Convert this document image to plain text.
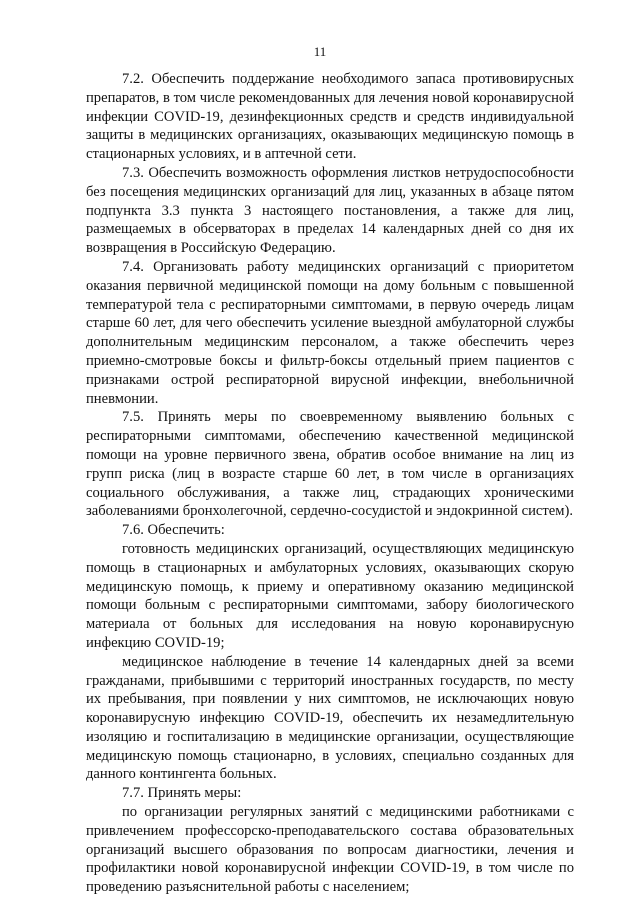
11

7.2. Обеспечить поддержание необходимого запаса противовирусных препаратов, в том числе рекомендованных для лечения новой коронавирусной инфекции COVID-19, дезинфекционных средств и средств индивидуальной защиты в медицинских организациях, оказывающих медицинскую помощь в стационарных условиях, и в аптечной сети.

7.3. Обеспечить возможность оформления листков нетрудоспособности без посещения медицинских организаций для лиц, указанных в абзаце пятом подпункта 3.3 пункта 3 настоящего постановления, а также для лиц, размещаемых в обсерваторах в пределах 14 календарных дней со дня их возвращения в Российскую Федерацию.

7.4. Организовать работу медицинских организаций с приоритетом оказания первичной медицинской помощи на дому больным с повышенной температурой тела с респираторными симптомами, в первую очередь лицам старше 60 лет, для чего обеспечить усиление выездной амбулаторной службы дополнительным медицинским персоналом, а также обеспечить через приемно-смотровые боксы и фильтр-боксы отдельный прием пациентов с признаками острой респираторной вирусной инфекции, внебольничной пневмонии.

7.5. Принять меры по своевременному выявлению больных с респираторными симптомами, обеспечению качественной медицинской помощи на уровне первичного звена, обратив особое внимание на лиц из групп риска (лиц в возрасте старше 60 лет, в том числе в организациях социального обслуживания, а также лиц, страдающих хроническими заболеваниями бронхолегочной, сердечно-сосудистой и эндокринной систем).

7.6. Обеспечить:

готовность медицинских организаций, осуществляющих медицинскую помощь в стационарных и амбулаторных условиях, оказывающих скорую медицинскую помощь, к приему и оперативному оказанию медицинской помощи больным с респираторными симптомами, забору биологического материала от больных для исследования на новую коронавирусную инфекцию COVID-19;

медицинское наблюдение в течение 14 календарных дней за всеми гражданами, прибывшими с территорий иностранных государств, по месту их пребывания, при появлении у них симптомов, не исключающих новую коронавирусную инфекцию COVID-19, обеспечить их незамедлительную изоляцию и госпитализацию в медицинские организации, осуществляющие медицинскую помощь стационарно, в условиях, специально созданных для данного контингента больных.

7.7. Принять меры:

по организации регулярных занятий с медицинскими работниками с привлечением профессорско-преподавательского состава образовательных организаций высшего образования по вопросам диагностики, лечения и профилактики новой коронавирусной инфекции COVID-19, в том числе по проведению разъяснительной работы с населением;
